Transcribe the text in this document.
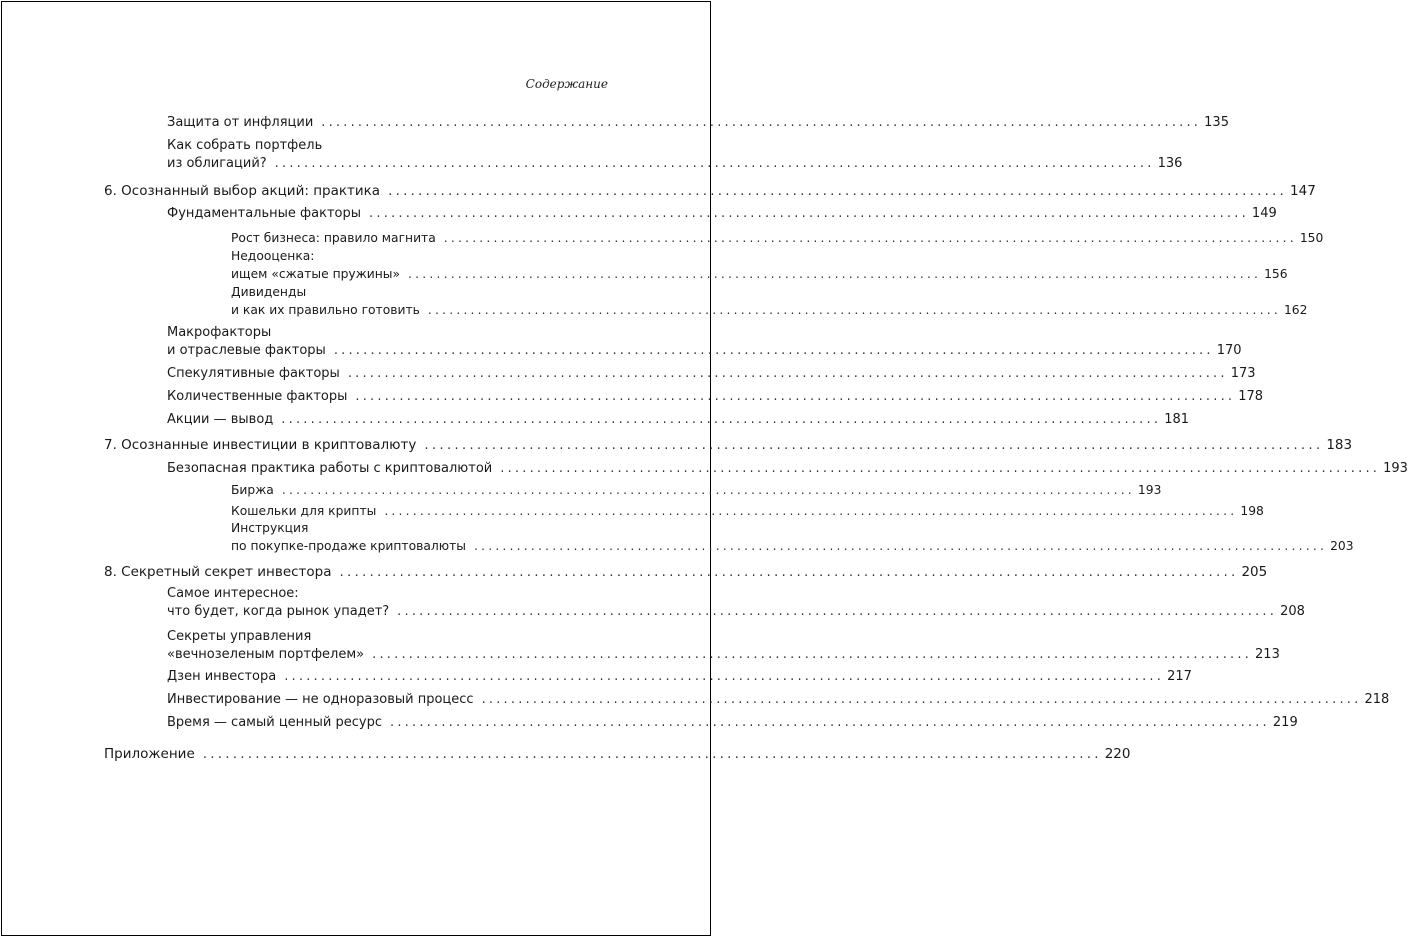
Содержание
Защита от инфляции ........................................................................................................................ 135
Как собрать портфель
из облигаций? ........................................................................................................................ 136
6. Осознанный выбор акций: практика ........................................................................................................................ 147
Фундаментальные факторы ........................................................................................................................ 149
Рост бизнеса: правило магнита ........................................................................................................................ 150
Недооценка:
ищем «сжатые пружины» ........................................................................................................................ 156
Дивиденды
и как их правильно готовить ........................................................................................................................ 162
Макрофакторы
и отраслевые факторы ........................................................................................................................ 170
Спекулятивные факторы ........................................................................................................................ 173
Количественные факторы ........................................................................................................................ 178
Акции — вывод ........................................................................................................................ 181
7. Осознанные инвестиции в криптовалюту ........................................................................................................................ 183
Безопасная практика работы с криптовалютой ........................................................................................................................ 193
Биржа ........................................................................................................................ 193
Кошельки для крипты ........................................................................................................................ 198
Инструкция
по покупке-продаже криптовалюты ........................................................................................................................ 203
8. Секретный секрет инвестора ........................................................................................................................ 205
Самое интересное:
что будет, когда рынок упадет? ........................................................................................................................ 208
Секреты управления
«вечнозеленым портфелем» ........................................................................................................................ 213
Дзен инвестора ........................................................................................................................ 217
Инвестирование — не одноразовый процесс ........................................................................................................................ 218
Время — самый ценный ресурс ........................................................................................................................ 219
Приложение ........................................................................................................................ 220
